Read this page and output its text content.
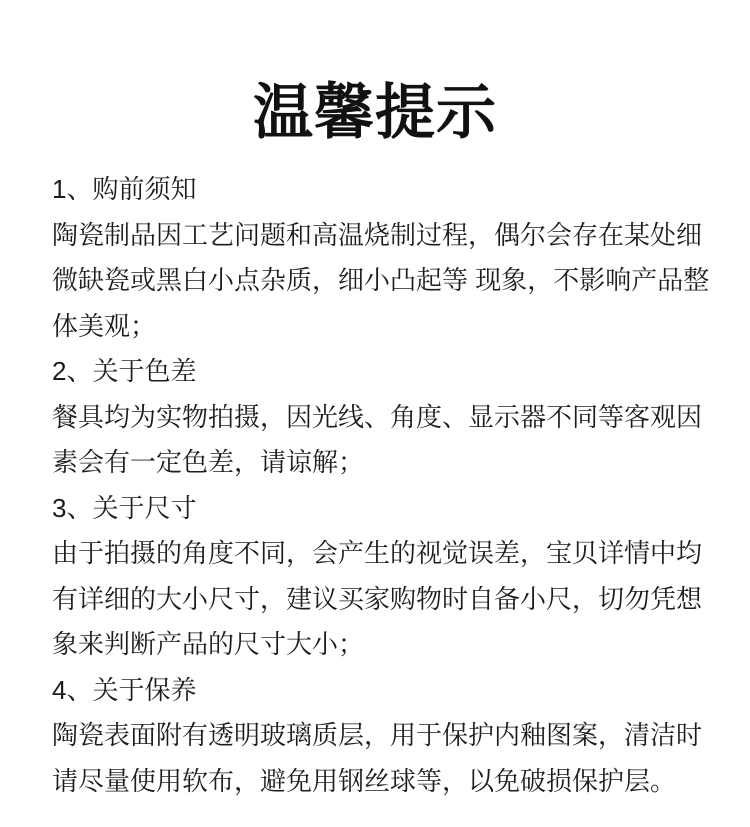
温馨提示
1、购前须知
陶瓷制品因工艺问题和高温烧制过程，偶尔会存在某处细
微缺瓷或黑白小点杂质，细小凸起等 现象，不影响产品整
体美观；
2、关于色差
餐具均为实物拍摄，因光线、角度、显示器不同等客观因
素会有一定色差，请谅解；
3、关于尺寸
由于拍摄的角度不同，会产生的视觉误差，宝贝详情中均
有详细的大小尺寸，建议买家购物时自备小尺，切勿凭想
象来判断产品的尺寸大小；
4、关于保养
陶瓷表面附有透明玻璃质层，用于保护内釉图案，清洁时
请尽量使用软布，避免用钢丝球等，以免破损保护层。
